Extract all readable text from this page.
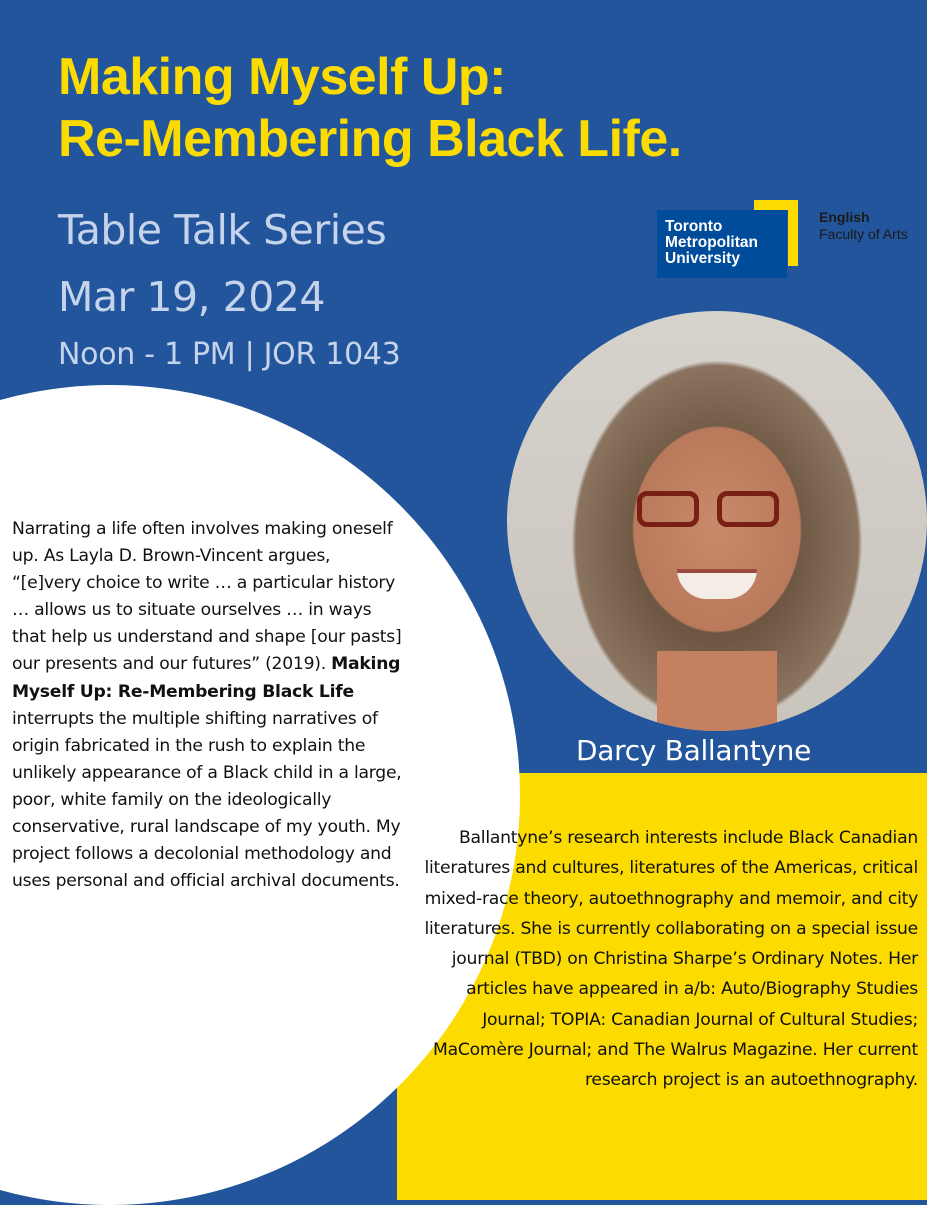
Making Myself Up:
Re-Membering Black Life.
Table Talk Series
Mar 19, 2024
Noon - 1 PM | JOR 1043
Toronto
Metropolitan
University
English
Faculty of Arts
Darcy Ballantyne

Narrating a life often involves making oneself up. As Layla D. Brown-Vincent argues, “[e]very choice to write … a particular history … allows us to situate ourselves … in ways that help us understand and shape [our pasts] our presents and our futures” (2019). Making Myself Up: Re-Membering Black Life interrupts the multiple shifting narratives of origin fabricated in the rush to explain the unlikely appearance of a Black child in a large, poor, white family on the ideologically conservative, rural landscape of my youth. My project follows a decolonial methodology and uses personal and official archival documents.

Ballantyne’s research interests include Black Canadian literatures and cultures, literatures of the Americas, critical mixed-race theory, autoethnography and memoir, and city literatures. She is currently collaborating on a special issue journal (TBD) on Christina Sharpe’s Ordinary Notes. Her articles have appeared in a/b: Auto/Biography Studies Journal; TOPIA: Canadian Journal of Cultural Studies; MaComère Journal; and The Walrus Magazine. Her current research project is an autoethnography.
